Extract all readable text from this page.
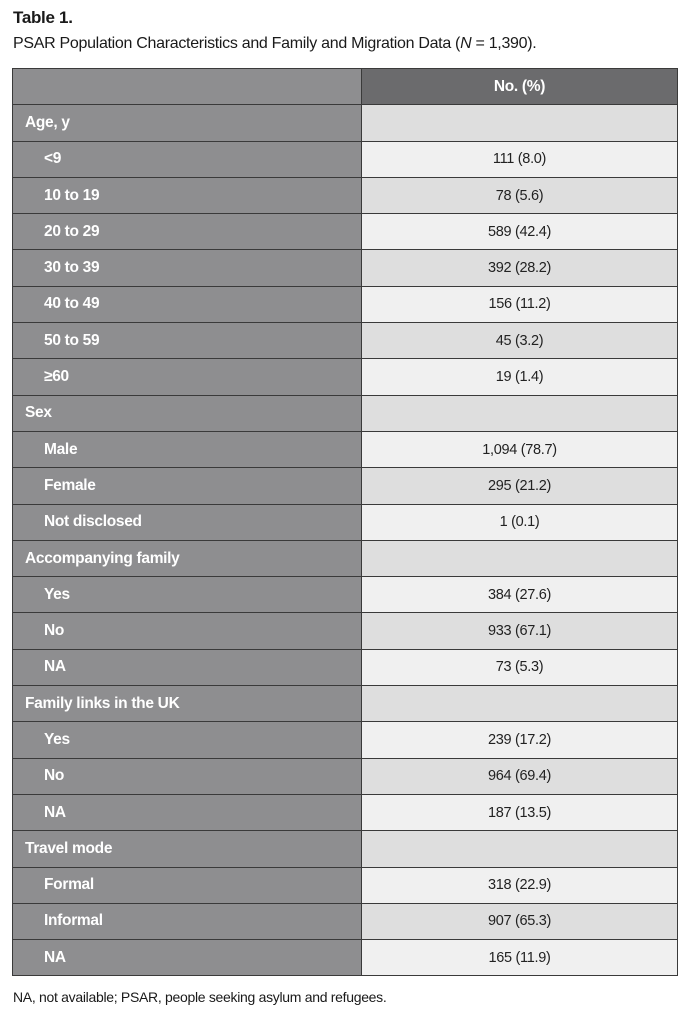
Table 1.
PSAR Population Characteristics and Family and Migration Data (N = 1,390).
	No. (%)
Age, y	
<9	111 (8.0)
10 to 19	78 (5.6)
20 to 29	589 (42.4)
30 to 39	392 (28.2)
40 to 49	156 (11.2)
50 to 59	45 (3.2)
≥60	19 (1.4)
Sex	
Male	1,094 (78.7)
Female	295 (21.2)
Not disclosed	1 (0.1)
Accompanying family	
Yes	384 (27.6)
No	933 (67.1)
NA	73 (5.3)
Family links in the UK	
Yes	239 (17.2)
No	964 (69.4)
NA	187 (13.5)
Travel mode	
Formal	318 (22.9)
Informal	907 (65.3)
NA	165 (11.9)
NA, not available; PSAR, people seeking asylum and refugees.
